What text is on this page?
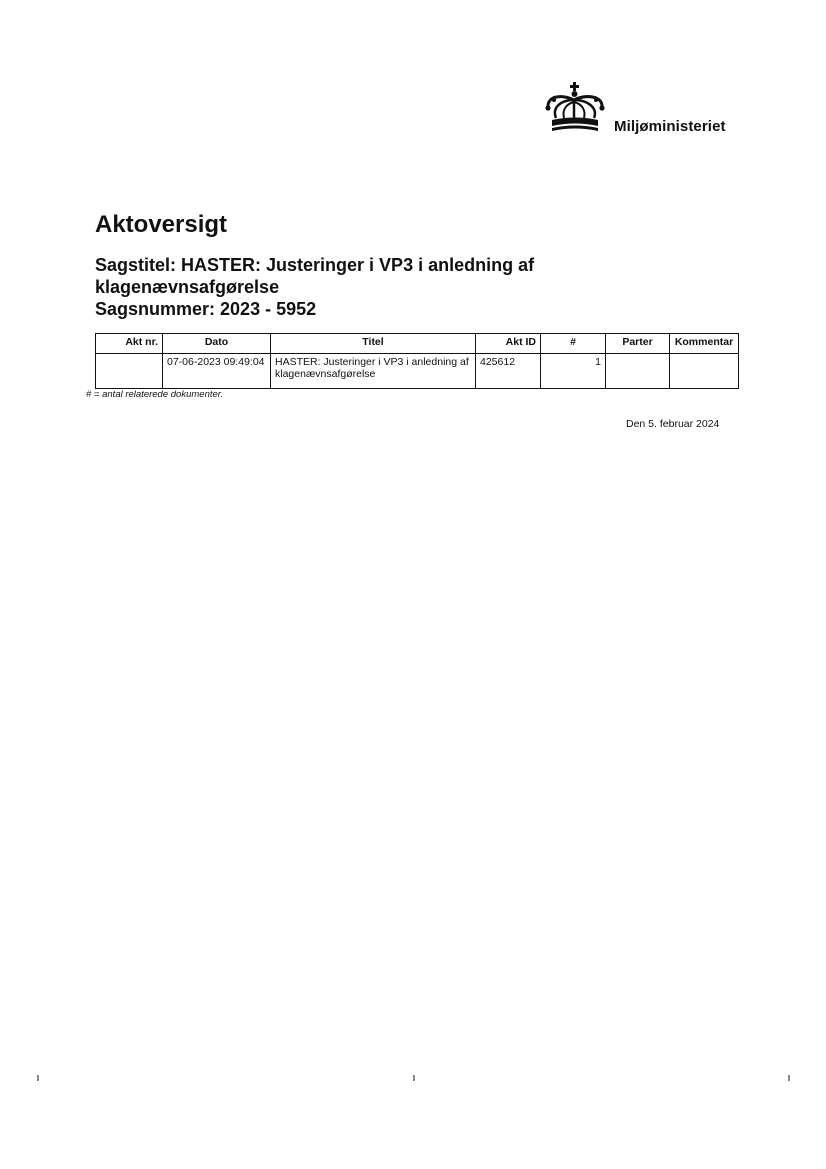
Miljøministeriet
Aktoversigt
Sagstitel: HASTER: Justeringer i VP3 i anledning af klagenævnsafgørelse
Sagsnummer: 2023 - 5952
Akt nr.	Dato	Titel	Akt ID	#	Parter	Kommentar
	07-06-2023 09:49:04	HASTER: Justeringer i VP3 i anledning af klagenævnsafgørelse	425612	1		
# = antal relaterede dokumenter.
Den 5. februar 2024
